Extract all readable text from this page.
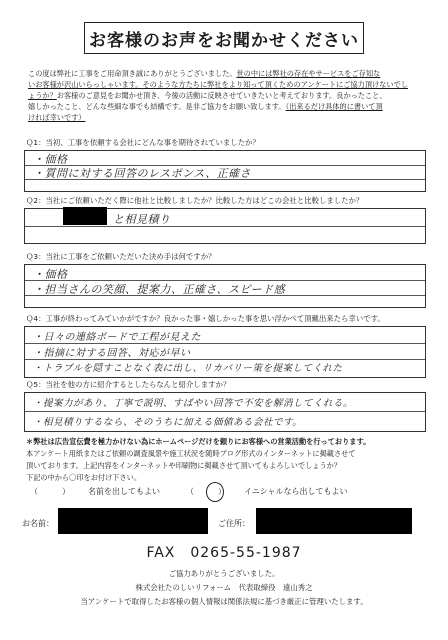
お客様のお声をお聞かせください
この度は弊社に工事をご用命頂き誠にありがとうございました。世の中には弊社の存在やサービスをご存知な
いお客様が沢山いらっしゃいます。そのような方たちに弊社をより知って頂くためのアンケートにご協力頂けないでし
ょうか？お客様のご意見をお聞かせ頂き、今後の活動に反映させていきたいと考えております。良かったこと、
嬉しかったこと、どんな些細な事でも結構です。是非ご協力をお願い致します。（出来るだけ具体的に書いて頂
ければ幸いです）
Ｑ1：当初、工事を依頼する会社にどんな事を期待されていましたか？
・価格
・質問に対する回答のレスポンス、正確さ
Ｑ2：当社にご依頼いただく際に他社と比較しましたか？比較した方はどこの会社と比較しましたか？
と相見積り
Ｑ3：当社に工事をご依頼いただいた決め手は何ですか？
・価格
・担当さんの笑顔、提案力、正確さ、スピード感
Ｑ4：工事が終わってみていかがですか？良かった事・嬉しかった事を思い浮かべて頂戴出来たら幸いです。
・日々の連絡ボードで工程が見えた
・指摘に対する回答、対応が早い
・トラブルを隠すことなく表に出し、リカバリー策を提案してくれた
Ｑ5：当社を他の方に紹介するとしたらなんと紹介しますか？
・提案力があり、丁寧で説明、すばやい回答で不安を解消してくれる。
・相見積りするなら、そのうちに加える価値ある会社です。
＊弊社は広告宣伝費を極力かけない為にホームページだけを頼りにお客様への営業活動を行っております。
本アンケート用紙またはご依頼の調査風景や施工状況を随時ブログ形式のインターネットに掲載させて
頂いております。上記内容をインターネットや印刷物に掲載させて頂いてもよろしいでしょうか？
下記の中から〇印をお付け下さい。
（　　　） 名前を出してもよい	（　　　） イニシャルなら出してもよい
お名前：	ご住所：
FAX　0265-55-1987
ご協力ありがとうございました。
株式会社たのしいリフォーム　代表取締役　遠山秀之
当アンケートで取得したお客様の個人情報は関係法規に基づき厳正に管理いたします。
